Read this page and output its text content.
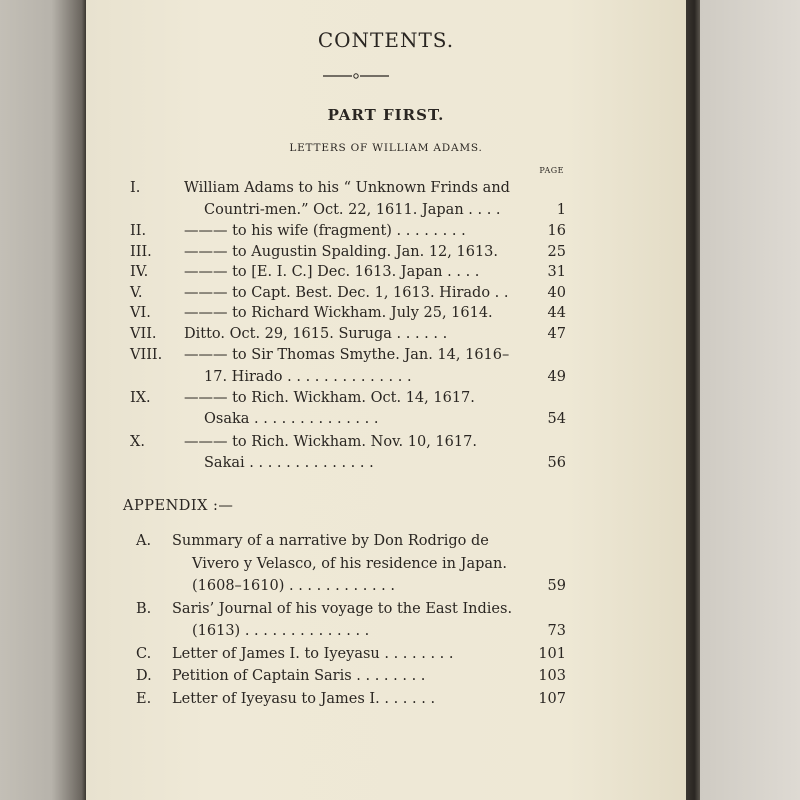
CONTENTS.
PART FIRST.
LETTERS OF WILLIAM ADAMS.
PAGE
I.	William Adams to his “ Unknown Frinds and
Countri-men.” Oct. 22, 1611. Japan . . . .	1
II.	——— to his wife (fragment) . . . . . . . .	16
III. ——— to Augustin Spalding. Jan. 12, 1613.	25
IV. ——— to [E. I. C.] Dec. 1613. Japan . . . .	31
V.	——— to Capt. Best. Dec. 1, 1613. Hirado . .	40
VI. ——— to Richard Wickham. July 25, 1614.	44
VII. Ditto. Oct. 29, 1615. Suruga . . . . . .	47
VIII. ——— to Sir Thomas Smythe. Jan. 14, 1616–
17. Hirado . . . . . . . . . . . . . .	49
IX. ——— to Rich. Wickham. Oct. 14, 1617.
Osaka . . . . . . . . . . . . . .	54
X.	——— to Rich. Wickham. Nov. 10, 1617.
Sakai . . . . . . . . . . . . . .	56
APPENDIX :—
A. Summary of a narrative by Don Rodrigo de
Vivero y Velasco, of his residence in Japan.
(1608–1610) . . . . . . . . . . . .	59
B. Saris’ Journal of his voyage to the East Indies.
(1613) . . . . . . . . . . . . . .	73
C. Letter of James I. to Iyeyasu . . . . . . . .	101
D. Petition of Captain Saris . . . . . . . .	103
E. Letter of Iyeyasu to James I. . . . . . .	107
